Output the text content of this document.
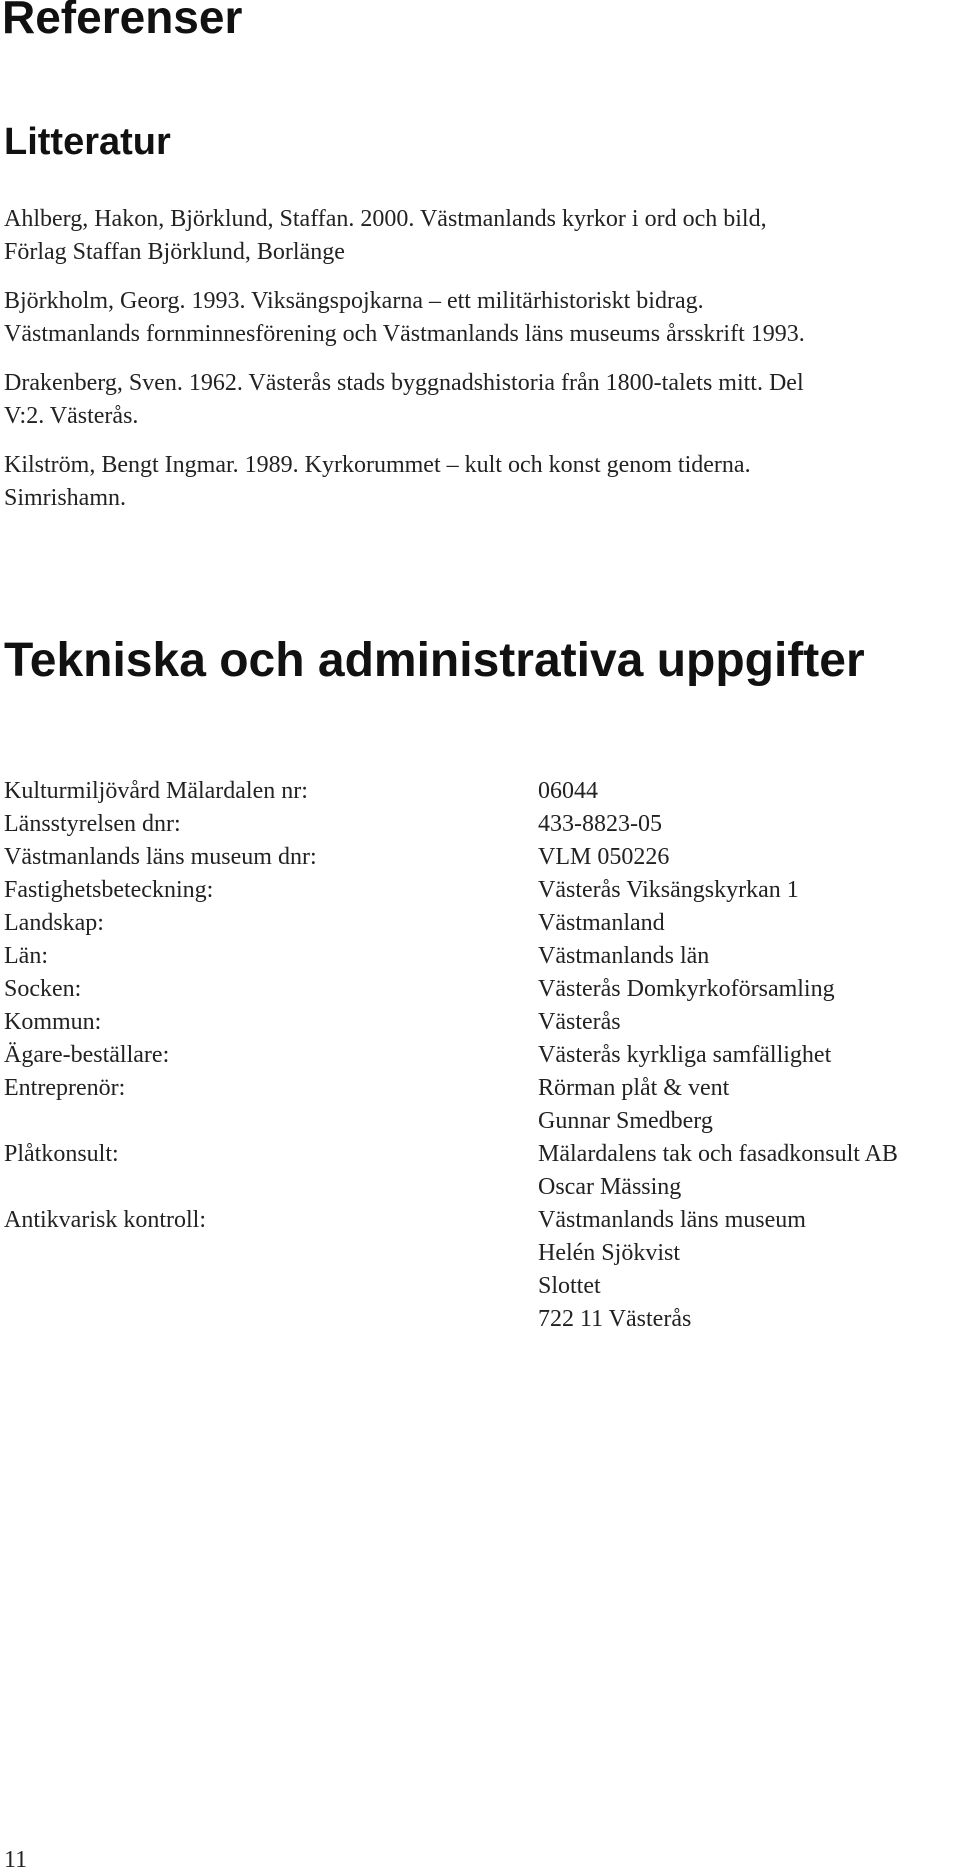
Referenser
Litteratur

Ahlberg, Hakon, Björklund, Staffan. 2000. Västmanlands kyrkor i ord och bild,
Förlag Staffan Björklund, Borlänge

Björkholm, Georg. 1993. Viksängspojkarna – ett militärhistoriskt bidrag.
Västmanlands fornminnesförening och Västmanlands läns museums årsskrift 1993.

Drakenberg, Sven. 1962. Västerås stads byggnadshistoria från 1800-talets mitt. Del
V:2. Västerås.

Kilström, Bengt Ingmar. 1989. Kyrkorummet – kult och konst genom tiderna.
Simrishamn.

Tekniska och administrativa uppgifter
Kulturmiljövård Mälardalen nr:	06044
Länsstyrelsen dnr:	433-8823-05
Västmanlands läns museum dnr:	VLM 050226
Fastighetsbeteckning:	Västerås Viksängskyrkan 1
Landskap:	Västmanland
Län:	Västmanlands län
Socken:	Västerås Domkyrkoförsamling
Kommun:	Västerås
Ägare-beställare:	Västerås kyrkliga samfällighet
Entreprenör:	Rörman plåt & vent
Gunnar Smedberg
Plåtkonsult:	Mälardalens tak och fasadkonsult AB
Oscar Mässing
Antikvarisk kontroll:	Västmanlands läns museum
Helén Sjökvist
Slottet
722 11 Västerås
11
